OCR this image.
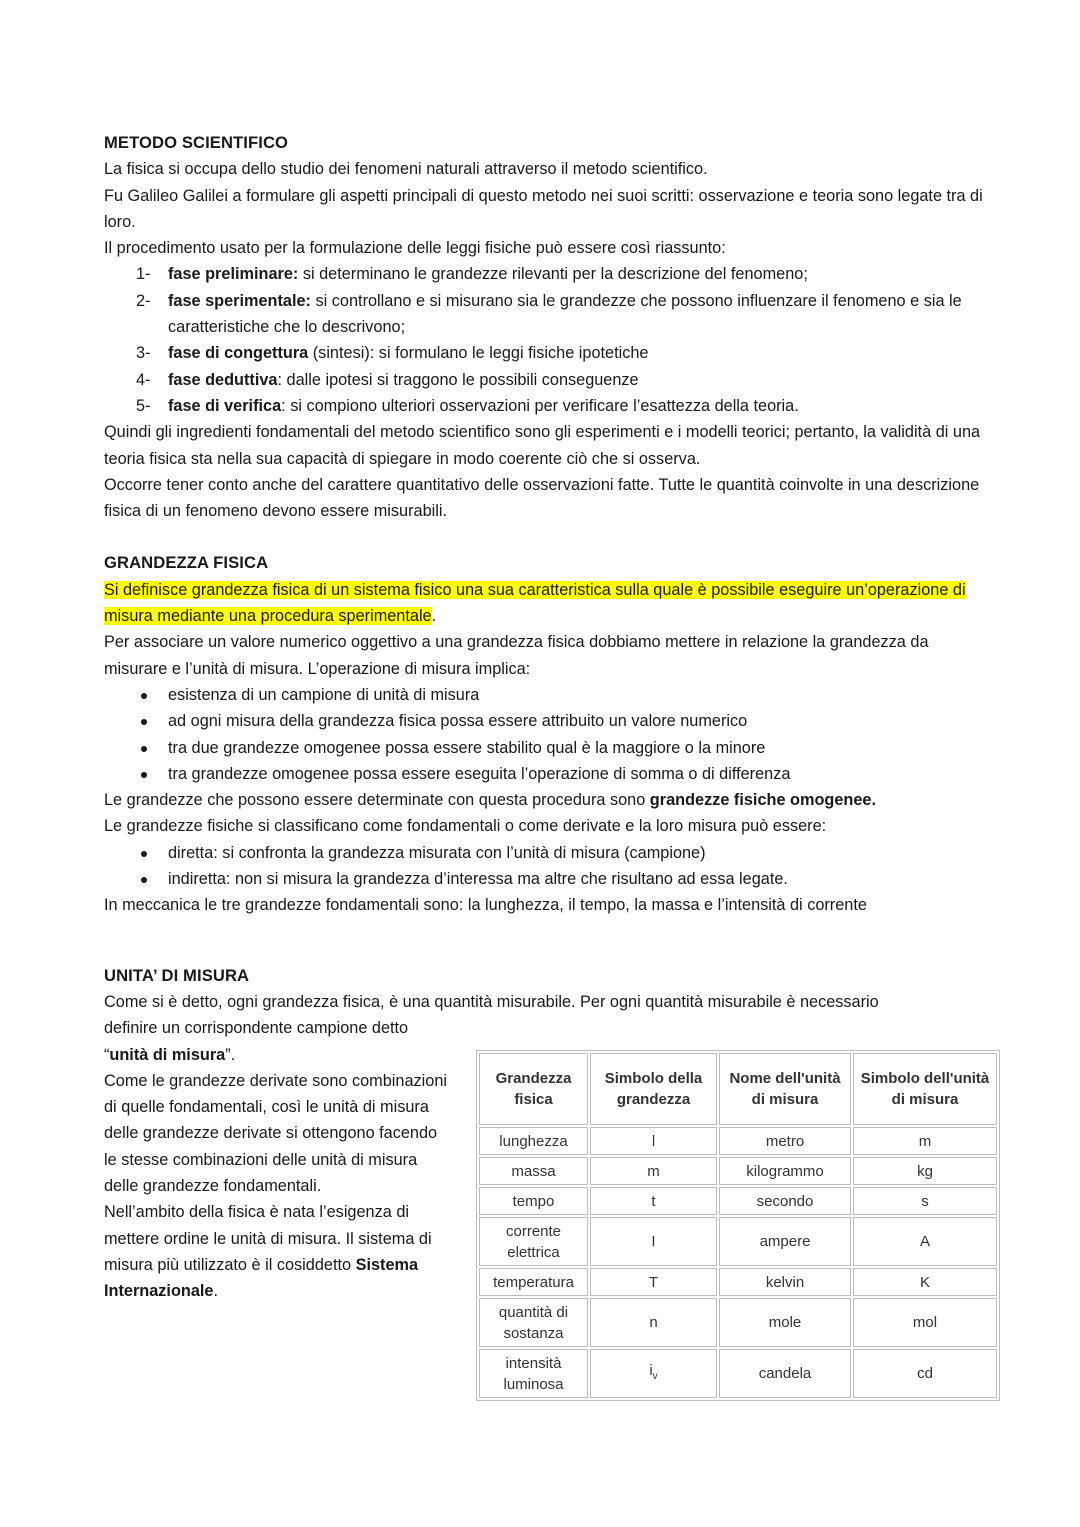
METODO SCIENTIFICO

La fisica si occupa dello studio dei fenomeni naturali attraverso il metodo scientifico.

Fu Galileo Galilei a formulare gli aspetti principali di questo metodo nei suoi scritti: osservazione e teoria sono legate tra di loro.

Il procedimento usato per la formulazione delle leggi fisiche può essere così riassunto:

1- fase preliminare: si determinano le grandezze rilevanti per la descrizione del fenomeno;
2- fase sperimentale: si controllano e si misurano sia le grandezze che possono influenzare il fenomeno e sia le caratteristiche che lo descrivono;
3- fase di congettura (sintesi): si formulano le leggi fisiche ipotetiche
4- fase deduttiva: dalle ipotesi si traggono le possibili conseguenze
5- fase di verifica: si compiono ulteriori osservazioni per verificare l’esattezza della teoria.

Quindi gli ingredienti fondamentali del metodo scientifico sono gli esperimenti e i modelli teorici; pertanto, la validità di una teoria fisica sta nella sua capacità di spiegare in modo coerente ciò che si osserva.

Occorre tener conto anche del carattere quantitativo delle osservazioni fatte. Tutte le quantità coinvolte in una descrizione fisica di un fenomeno devono essere misurabili.

GRANDEZZA FISICA

Si definisce grandezza fisica di un sistema fisico una sua caratteristica sulla quale è possibile eseguire un’operazione di misura mediante una procedura sperimentale.

Per associare un valore numerico oggettivo a una grandezza fisica dobbiamo mettere in relazione la grandezza da misurare e l’unità di misura. L’operazione di misura implica:

esistenza di un campione di unità di misura
ad ogni misura della grandezza fisica possa essere attribuito un valore numerico
tra due grandezze omogenee possa essere stabilito qual è la maggiore o la minore
tra grandezze omogenee possa essere eseguita l’operazione di somma o di differenza

Le grandezze che possono essere determinate con questa procedura sono grandezze fisiche omogenee.

Le grandezze fisiche si classificano come fondamentali o come derivate e la loro misura può essere:

diretta: si confronta la grandezza misurata con l’unità di misura (campione)
indiretta: non si misura la grandezza d’interessa ma altre che risultano ad essa legate.

In meccanica le tre grandezze fondamentali sono: la lunghezza, il tempo, la massa e l’intensità di corrente

UNITA’ DI MISURA

Come si è detto, ogni grandezza fisica, è una quantità misurabile. Per ogni quantità misurabile è necessario

definire un corrispondente campione detto

“unità di misura”.

Come le grandezze derivate sono combinazioni di quelle fondamentali, così le unità di misura delle grandezze derivate si ottengono facendo le stesse combinazioni delle unità di misura delle grandezze fondamentali.

Nell’ambito della fisica è nata l’esigenza di mettere ordine le unità di misura. Il sistema di misura più utilizzato è il cosiddetto Sistema Internazionale.

Grandezza fisica	Simbolo della grandezza	Nome dell'unità di misura	Simbolo dell'unità di misura
lunghezza	l	metro	m
massa	m	kilogrammo	kg
tempo	t	secondo	s
corrente elettrica	I	ampere	A
temperatura	T	kelvin	K
quantità di sostanza	n	mole	mol
intensità luminosa	$i_v$	candela	cd
